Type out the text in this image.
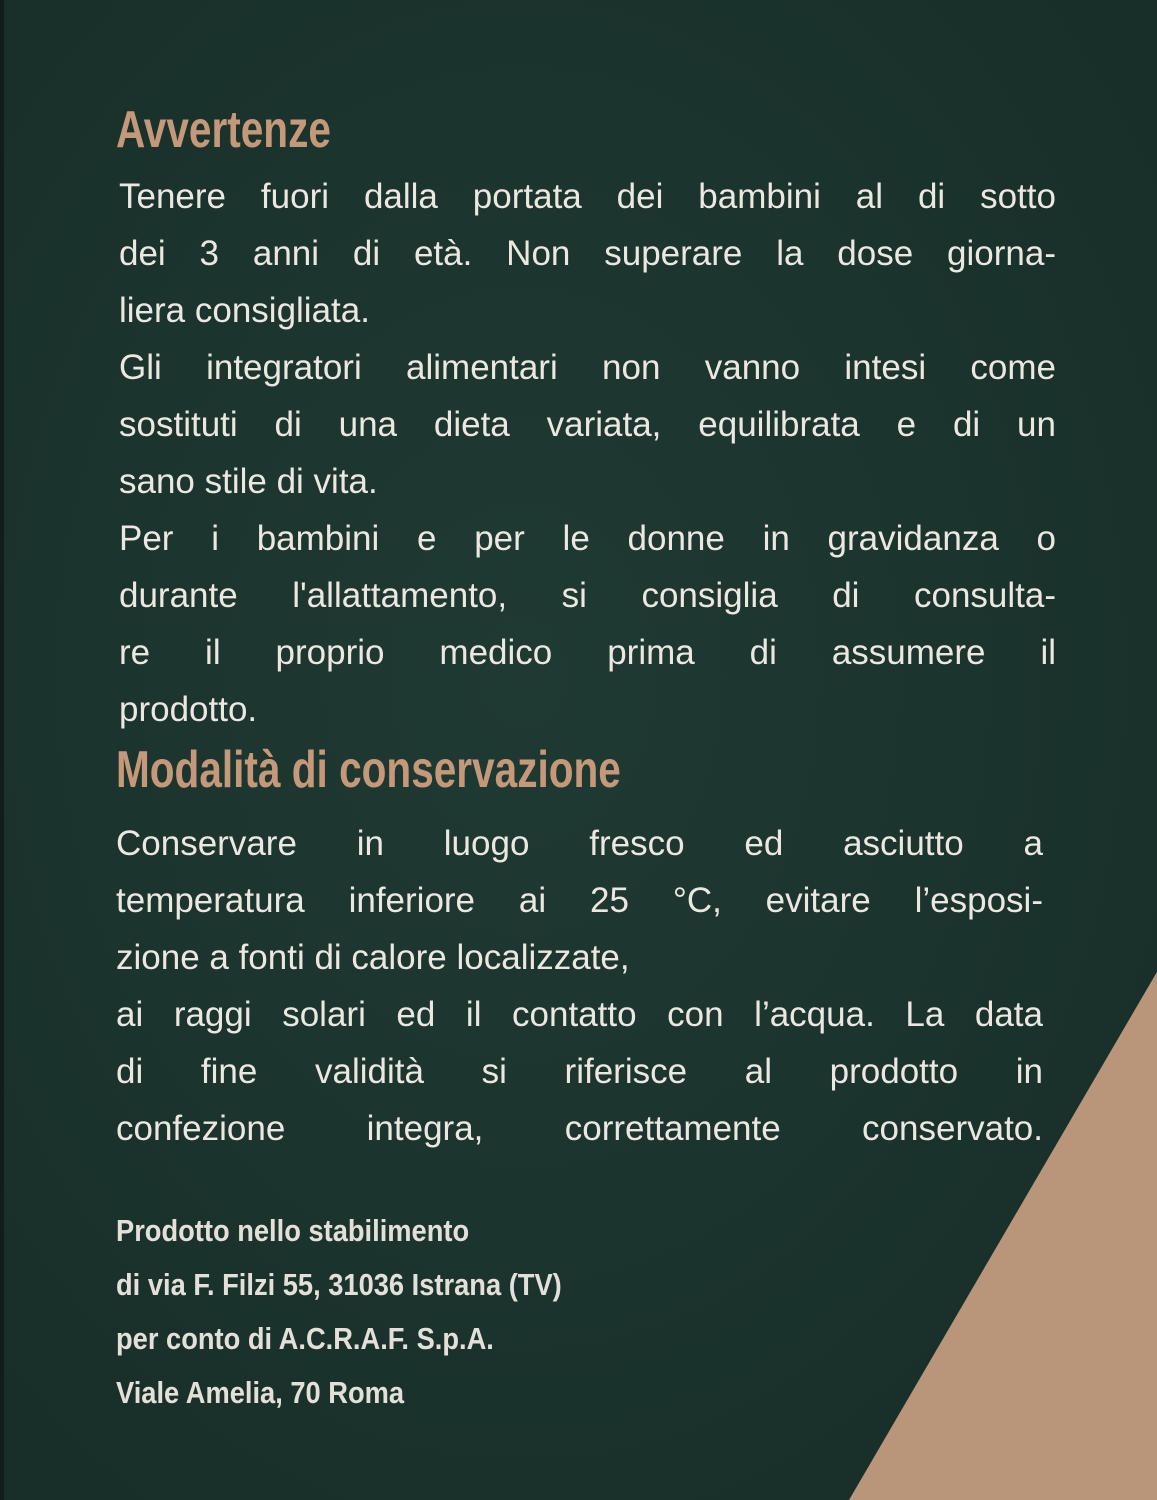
Avvertenze
Tenere fuori dalla portata dei bambini al di sotto
dei 3 anni di età. Non superare la dose giorna-
liera consigliata.
Gli integratori alimentari non vanno intesi come
sostituti di una dieta variata, equilibrata e di un
sano stile di vita.
Per i bambini e per le donne in gravidanza o
durante l'allattamento, si consiglia di consulta-
re il proprio medico prima di assumere il
prodotto.
Modalità di conservazione
Conservare in luogo fresco ed asciutto a
temperatura inferiore ai 25 °C, evitare l’esposi-
zione a fonti di calore localizzate,
ai raggi solari ed il contatto con l’acqua. La data
di fine validità si riferisce al prodotto in
confezione integra, correttamente conservato.
Prodotto nello stabilimento
di via F. Filzi 55, 31036 Istrana (TV)
per conto di A.C.R.A.F. S.p.A.
Viale Amelia, 70 Roma
